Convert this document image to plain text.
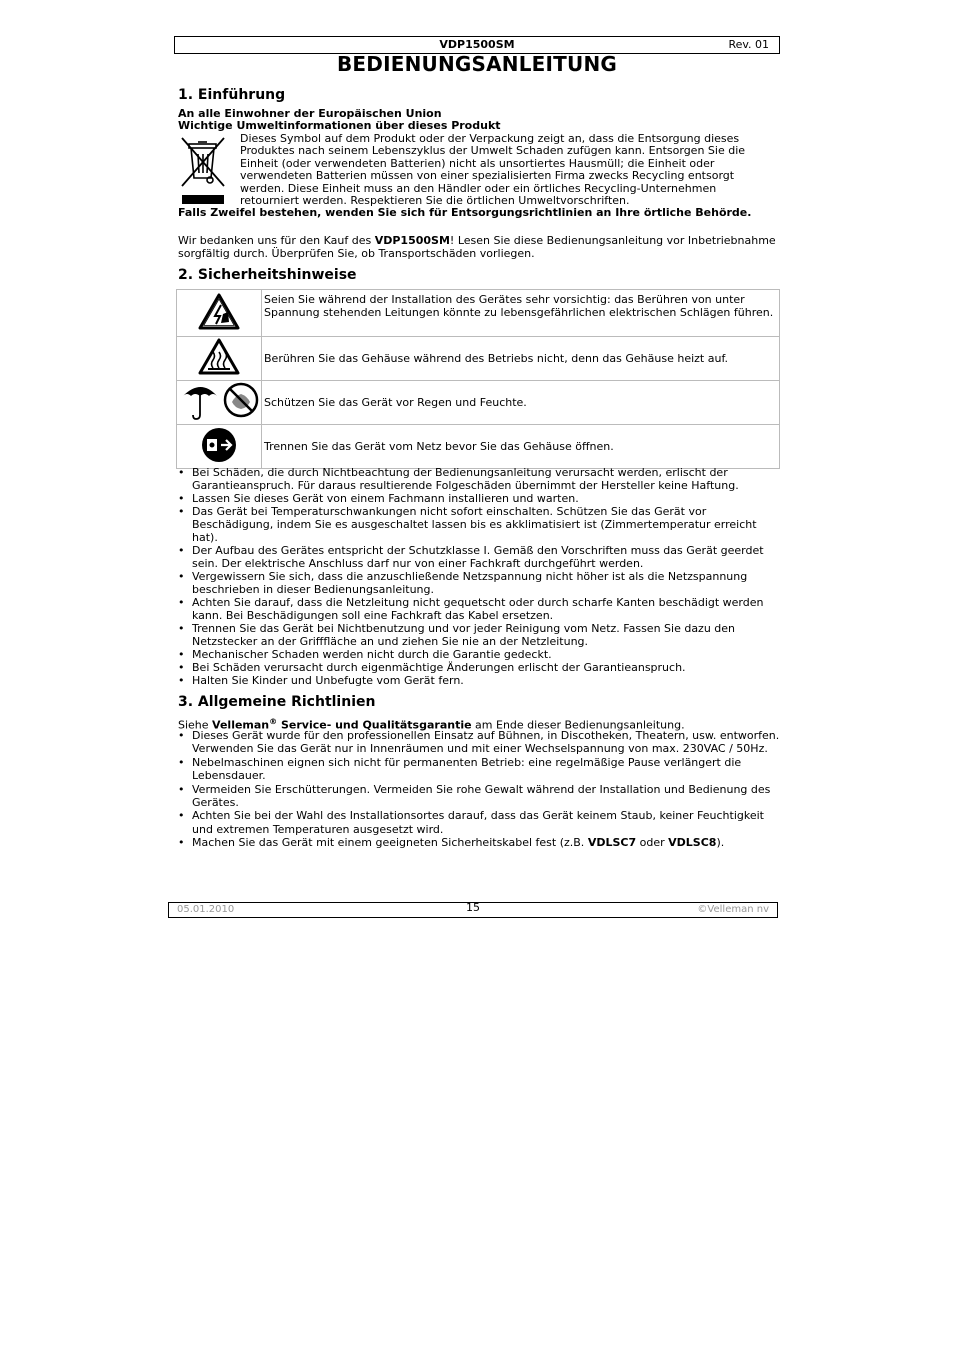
VDP1500SM	Rev. 01
BEDIENUNGSANLEITUNG
1. Einführung
An alle Einwohner der Europäischen Union
Wichtige Umweltinformationen über dieses Produkt
Dieses Symbol auf dem Produkt oder der Verpackung zeigt an, dass die Entsorgung dieses Produktes nach seinem Lebenszyklus der Umwelt Schaden zufügen kann. Entsorgen Sie die Einheit (oder verwendeten Batterien) nicht als unsortiertes Hausmüll; die Einheit oder verwendeten Batterien müssen von einer spezialisierten Firma zwecks Recycling entsorgt werden. Diese Einheit muss an den Händler oder ein örtliches Recycling-Unternehmen retourniert werden. Respektieren Sie die örtlichen Umweltvorschriften.
Falls Zweifel bestehen, wenden Sie sich für Entsorgungsrichtlinien an Ihre örtliche Behörde.
Wir bedanken uns für den Kauf des VDP1500SM! Lesen Sie diese Bedienungsanleitung vor Inbetriebnahme sorgfältig durch. Überprüfen Sie, ob Transportschäden vorliegen.
2. Sicherheitshinweise
	Seien Sie während der Installation des Gerätes sehr vorsichtig: das Berühren von unter Spannung stehenden Leitungen könnte zu lebensgefährlichen elektrischen Schlägen führen.
	Berühren Sie das Gehäuse während des Betriebs nicht, denn das Gehäuse heizt auf.
	Schützen Sie das Gerät vor Regen und Feuchte.
	Trennen Sie das Gerät vom Netz bevor Sie das Gehäuse öffnen.
• Bei Schäden, die durch Nichtbeachtung der Bedienungsanleitung verursacht werden, erlischt der Garantieanspruch. Für daraus resultierende Folgeschäden übernimmt der Hersteller keine Haftung.
• Lassen Sie dieses Gerät von einem Fachmann installieren und warten.
• Das Gerät bei Temperaturschwankungen nicht sofort einschalten. Schützen Sie das Gerät vor Beschädigung, indem Sie es ausgeschaltet lassen bis es akklimatisiert ist (Zimmertemperatur erreicht hat).
• Der Aufbau des Gerätes entspricht der Schutzklasse I. Gemäß den Vorschriften muss das Gerät geerdet sein. Der elektrische Anschluss darf nur von einer Fachkraft durchgeführt werden.
• Vergewissern Sie sich, dass die anzuschließende Netzspannung nicht höher ist als die Netzspannung beschrieben in dieser Bedienungsanleitung.
• Achten Sie darauf, dass die Netzleitung nicht gequetscht oder durch scharfe Kanten beschädigt werden kann. Bei Beschädigungen soll eine Fachkraft das Kabel ersetzen.
• Trennen Sie das Gerät bei Nichtbenutzung und vor jeder Reinigung vom Netz. Fassen Sie dazu den Netzstecker an der Grifffläche an und ziehen Sie nie an der Netzleitung.
• Mechanischer Schaden werden nicht durch die Garantie gedeckt.
• Bei Schäden verursacht durch eigenmächtige Änderungen erlischt der Garantieanspruch.
• Halten Sie Kinder und Unbefugte vom Gerät fern.
3. Allgemeine Richtlinien
Siehe Velleman® Service- und Qualitätsgarantie am Ende dieser Bedienungsanleitung.
• Dieses Gerät wurde für den professionellen Einsatz auf Bühnen, in Discotheken, Theatern, usw. entworfen. Verwenden Sie das Gerät nur in Innenräumen und mit einer Wechselspannung von max. 230VAC / 50Hz.
• Nebelmaschinen eignen sich nicht für permanenten Betrieb: eine regelmäßige Pause verlängert die Lebensdauer.
• Vermeiden Sie Erschütterungen. Vermeiden Sie rohe Gewalt während der Installation und Bedienung des Gerätes.
• Achten Sie bei der Wahl des Installationsortes darauf, dass das Gerät keinem Staub, keiner Feuchtigkeit und extremen Temperaturen ausgesetzt wird.
• Machen Sie das Gerät mit einem geeigneten Sicherheitskabel fest (z.B. VDLSC7 oder VDLSC8).
05.01.2010	15	©Velleman nv
